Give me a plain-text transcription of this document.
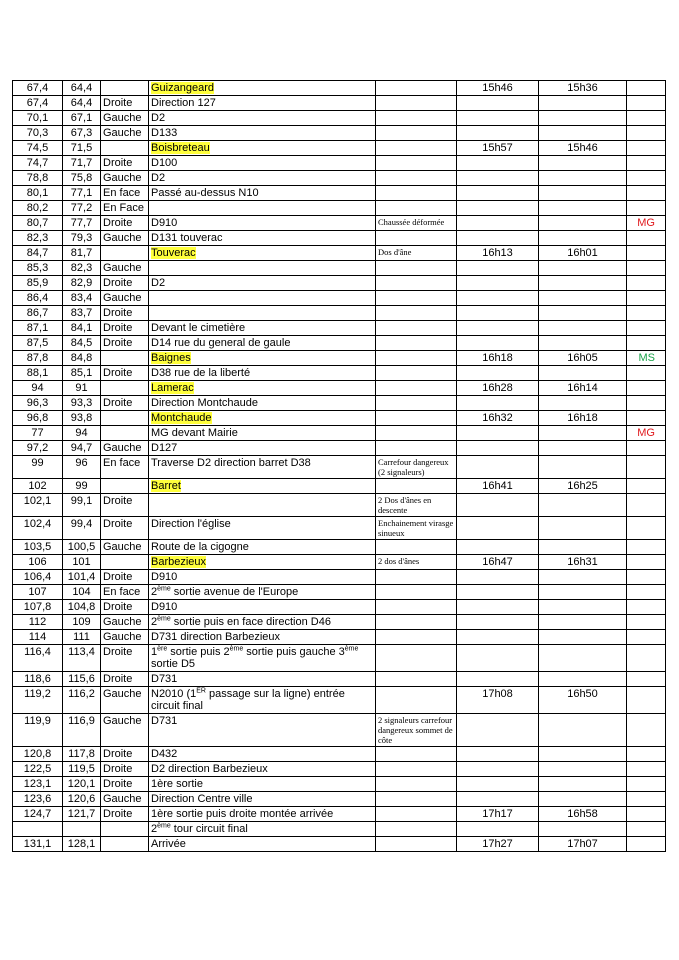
67,4	64,4		Guizangeard		15h46	15h36	
67,4	64,4	Droite	Direction 127				
70,1	67,1	Gauche	D2				
70,3	67,3	Gauche	D133				
74,5	71,5		Boisbreteau		15h57	15h46	
74,7	71,7	Droite	D100				
78,8	75,8	Gauche	D2				
80,1	77,1	En face	Passé au-dessus N10				
80,2	77,2	En Face					
80,7	77,7	Droite	D910	Chaussée déformée			MG
82,3	79,3	Gauche	D131 touverac				
84,7	81,7		Touverac	Dos d'âne	16h13	16h01	
85,3	82,3	Gauche					
85,9	82,9	Droite	D2				
86,4	83,4	Gauche					
86,7	83,7	Droite					
87,1	84,1	Droite	Devant le cimetière				
87,5	84,5	Droite	D14 rue du general de gaule				
87,8	84,8		Baignes		16h18	16h05	MS
88,1	85,1	Droite	D38 rue de la liberté				
94	91		Lamerac		16h28	16h14	
96,3	93,3	Droite	Direction Montchaude				
96,8	93,8		Montchaude		16h32	16h18	
77	94		MG devant Mairie				MG
97,2	94,7	Gauche	D127				
99	96	En face	Traverse D2 direction barret D38	Carrefour dangereux (2 signaleurs)			
102	99		Barret		16h41	16h25	
102,1	99,1	Droite		2 Dos d'ânes en descente			
102,4	99,4	Droite	Direction l'église	Enchainement virasge sinueux			
103,5	100,5	Gauche	Route de la cigogne				
106	101		Barbezieux	2 dos d'ânes	16h47	16h31	
106,4	101,4	Droite	D910				
107	104	En face	2ème sortie avenue de l'Europe				
107,8	104,8	Droite	D910				
112	109	Gauche	2ème sortie puis en face direction D46				
114	111	Gauche	D731 direction Barbezieux				
116,4	113,4	Droite	1ère sortie puis 2ème sortie puis gauche 3ème sortie D5				
118,6	115,6	Droite	D731				
119,2	116,2	Gauche	N2010 (1ER passage sur la ligne) entrée circuit final		17h08	16h50	
119,9	116,9	Gauche	D731	2 signaleurs carrefour dangereux sommet de côte			
120,8	117,8	Droite	D432				
122,5	119,5	Droite	D2 direction Barbezieux				
123,1	120,1	Droite	1ère sortie				
123,6	120,6	Gauche	Direction Centre ville				
124,7	121,7	Droite	1ère sortie puis droite montée arrivée		17h17	16h58	
			2ème tour circuit final				
131,1	128,1		Arrivée		17h27	17h07	
